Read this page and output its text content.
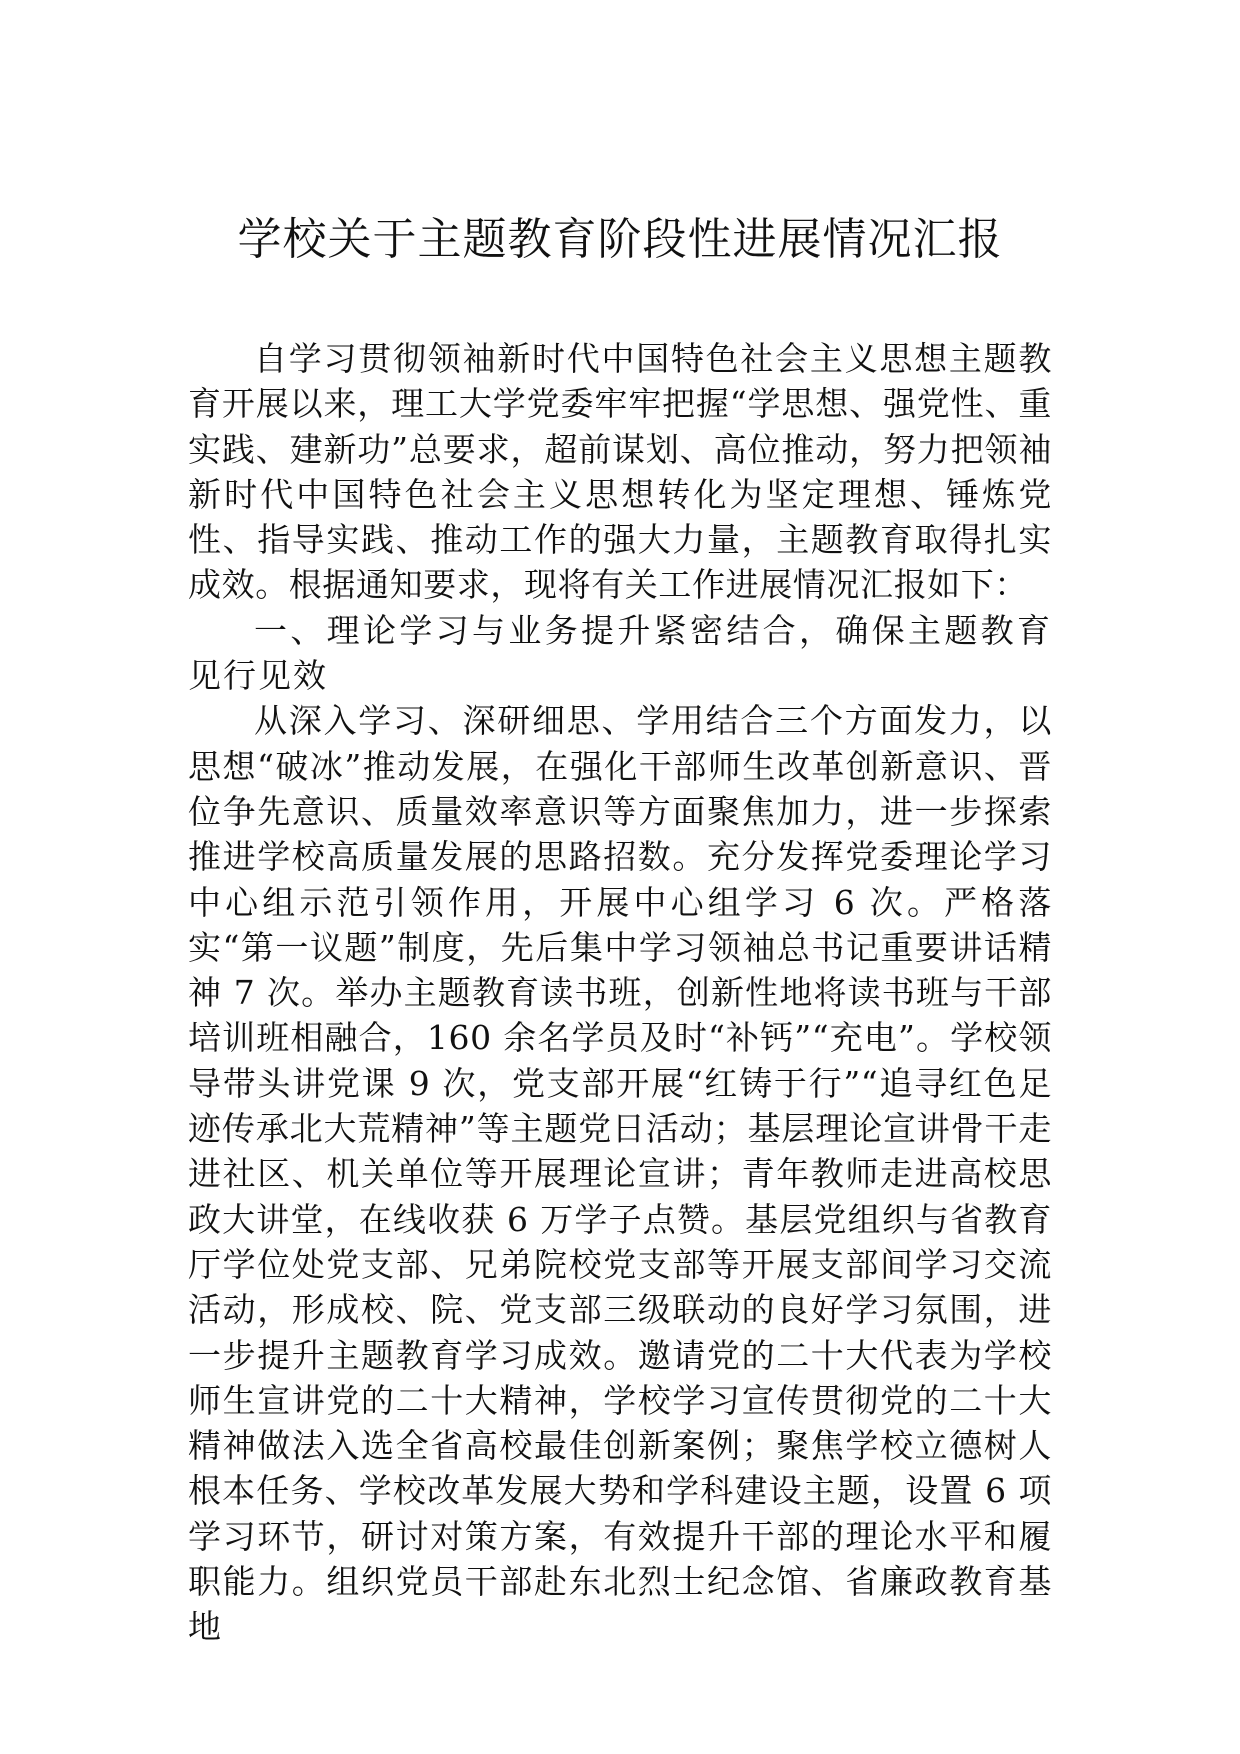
学校关于主题教育阶段性进展情况汇报

自学习贯彻领袖新时代中国特色社会主义思想主题教育开展以来，理工大学党委牢牢把握“学思想、强党性、重实践、建新功”总要求，超前谋划、高位推动，努力把领袖新时代中国特色社会主义思想转化为坚定理想、锤炼党性、指导实践、推动工作的强大力量，主题教育取得扎实成效。根据通知要求，现将有关工作进展情况汇报如下：

一、理论学习与业务提升紧密结合，确保主题教育见行见效

从深入学习、深研细思、学用结合三个方面发力，以思想“破冰”推动发展，在强化干部师生改革创新意识、晋位争先意识、质量效率意识等方面聚焦加力，进一步探索推进学校高质量发展的思路招数。充分发挥党委理论学习中心组示范引领作用，开展中心组学习 6 次。严格落实“第一议题”制度，先后集中学习领袖总书记重要讲话精神 7 次。举办主题教育读书班，创新性地将读书班与干部培训班相融合，160 余名学员及时“补钙”“充电”。学校领导带头讲党课 9 次，党支部开展“红铸于行”“追寻红色足迹传承北大荒精神”等主题党日活动；基层理论宣讲骨干走进社区、机关单位等开展理论宣讲；青年教师走进高校思政大讲堂，在线收获 6 万学子点赞。基层党组织与省教育厅学位处党支部、兄弟院校党支部等开展支部间学习交流活动，形成校、院、党支部三级联动的良好学习氛围，进一步提升主题教育学习成效。邀请党的二十大代表为学校师生宣讲党的二十大精神，学校学习宣传贯彻党的二十大精神做法入选全省高校最佳创新案例；聚焦学校立德树人根本任务、学校改革发展大势和学科建设主题，设置 6 项学习环节，研讨对策方案，有效提升干部的理论水平和履职能力。组织党员干部赴东北烈士纪念馆、省廉政教育基地
